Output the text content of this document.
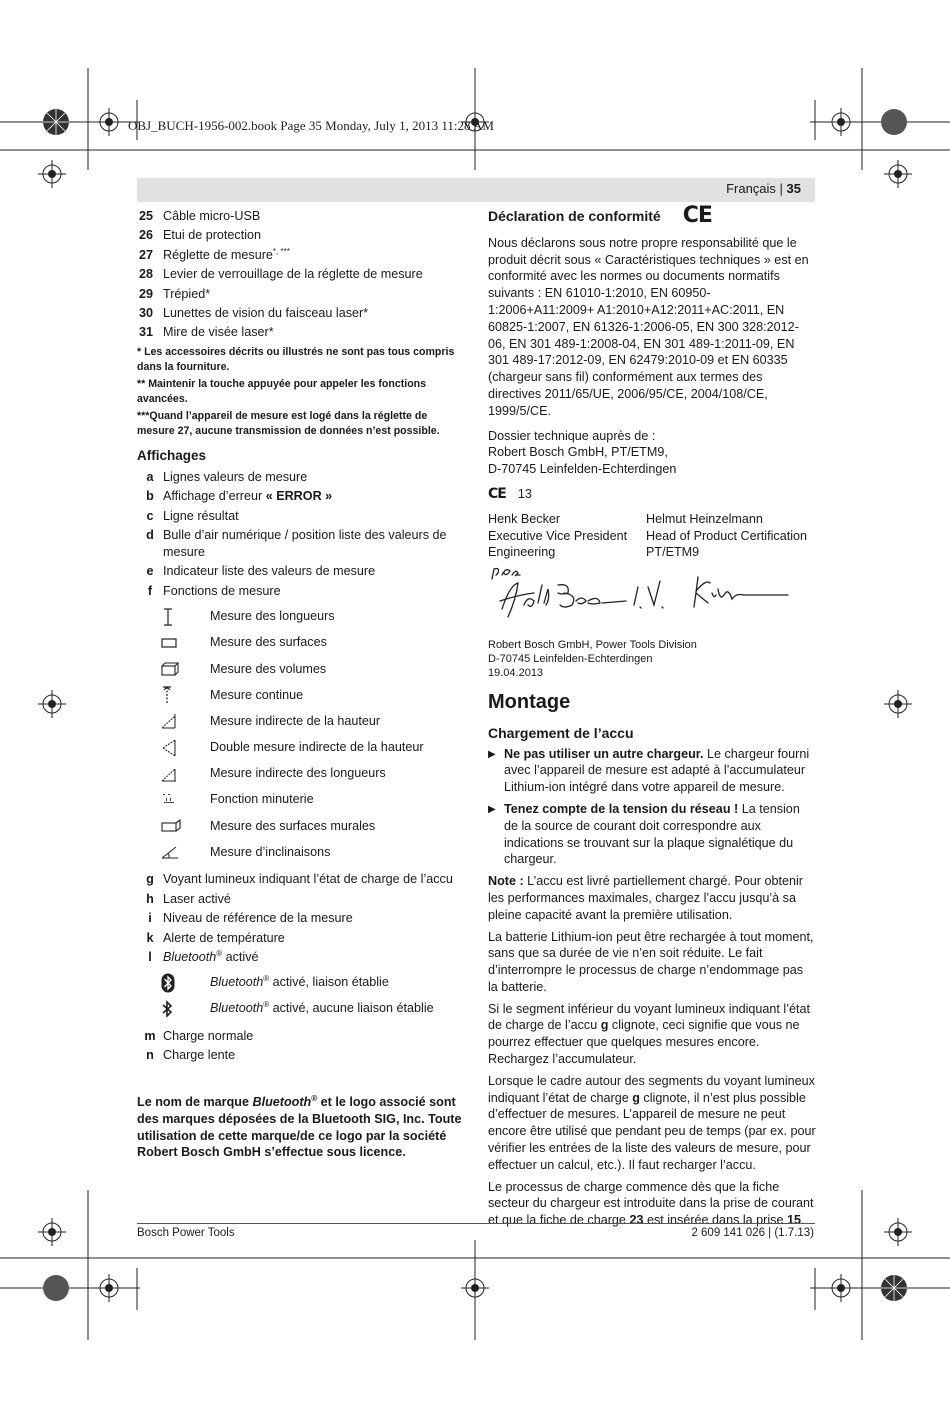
OBJ_BUCH-1956-002.book Page 35 Monday, July 1, 2013 11:28 AM
Français | 35
25 Câble micro-USB
26 Etui de protection
27 Réglette de mesure*, ***
28 Levier de verrouillage de la réglette de mesure
29 Trépied*
30 Lunettes de vision du faisceau laser*
31 Mire de visée laser*
* Les accessoires décrits ou illustrés ne sont pas tous compris dans la fourniture.
** Maintenir la touche appuyée pour appeler les fonctions avancées.
***Quand l’appareil de mesure est logé dans la réglette de mesure 27, aucune transmission de données n’est possible.
Affichages
a Lignes valeurs de mesure
b Affichage d’erreur « ERROR »
c Ligne résultat
d Bulle d’air numérique / position liste des valeurs de mesure
e Indicateur liste des valeurs de mesure
f Fonctions de mesure
Mesure des longueurs
Mesure des surfaces
Mesure des volumes
Mesure continue
Mesure indirecte de la hauteur
Double mesure indirecte de la hauteur
Mesure indirecte des longueurs
Fonction minuterie
Mesure des surfaces murales
Mesure d’inclinaisons
g Voyant lumineux indiquant l’état de charge de l’accu
h Laser activé
i Niveau de référence de la mesure
k Alerte de température
l Bluetooth® activé
Bluetooth® activé, liaison établie
Bluetooth® activé, aucune liaison établie
m Charge normale
n Charge lente
Le nom de marque Bluetooth® et le logo associé sont des marques déposées de la Bluetooth SIG, Inc. Toute utilisation de cette marque/de ce logo par la société Robert Bosch GmbH s’effectue sous licence.
Déclaration de conformité CE

Nous déclarons sous notre propre responsabilité que le produit décrit sous « Caractéristiques techniques » est en conformité avec les normes ou documents normatifs suivants : EN 61010-1:2010, EN 60950-1:2006+A11:2009+ A1:2010+A12:2011+AC:2011, EN 60825-1:2007, EN 61326-1:2006-05, EN 300 328:2012-06, EN 301 489-1:2008-04, EN 301 489-1:2011-09, EN 301 489-17:2012-09, EN 62479:2010-09 et EN 60335 (chargeur sans fil) conformément aux termes des directives 2011/65/UE, 2006/95/CE, 2004/108/CE, 1999/5/CE.

Dossier technique auprès de :
Robert Bosch GmbH, PT/ETM9,
D-70745 Leinfelden-Echterdingen

CE 13
Henk Becker
Executive Vice President
Engineering
Helmut Heinzelmann
Head of Product Certification
PT/ETM9
Robert Bosch GmbH, Power Tools Division
D-70745 Leinfelden-Echterdingen
19.04.2013
Montage
Chargement de l’accu
▶ Ne pas utiliser un autre chargeur. Le chargeur fourni avec l’appareil de mesure est adapté à l’accumulateur Lithium-ion intégré dans votre appareil de mesure.
▶ Tenez compte de la tension du réseau ! La tension de la source de courant doit correspondre aux indications se trouvant sur la plaque signalétique du chargeur.

Note : L’accu est livré partiellement chargé. Pour obtenir les performances maximales, chargez l’accu jusqu’à sa pleine capacité avant la première utilisation.

La batterie Lithium-ion peut être rechargée à tout moment, sans que sa durée de vie n’en soit réduite. Le fait d’interrompre le processus de charge n’endommage pas la batterie.

Si le segment inférieur du voyant lumineux indiquant l’état de charge de l’accu g clignote, ceci signifie que vous ne pourrez effectuer que quelques mesures encore. Rechargez l’accumulateur.

Lorsque le cadre autour des segments du voyant lumineux indiquant l’état de charge g clignote, il n’est plus possible d’effectuer de mesures. L’appareil de mesure ne peut encore être utilisé que pendant peu de temps (par ex. pour vérifier les entrées de la liste des valeurs de mesure, pour effectuer un calcul, etc.). Il faut recharger l’accu.

Le processus de charge commence dès que la fiche secteur du chargeur est introduite dans la prise de courant et que la fiche de charge 23 est insérée dans la prise 15.

Bosch Power Tools	2 609 141 026 | (1.7.13)
